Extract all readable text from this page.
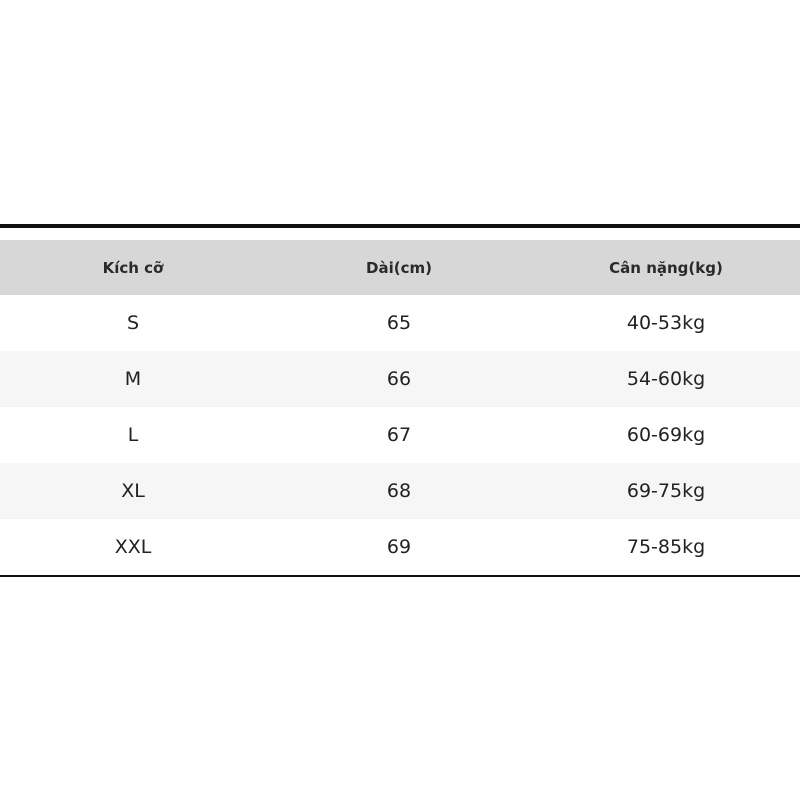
Kích cỡ	Dài(cm)	Cân nặng(kg)
S	65	40-53kg
M	66	54-60kg
L	67	60-69kg
XL	68	69-75kg
XXL	69	75-85kg
